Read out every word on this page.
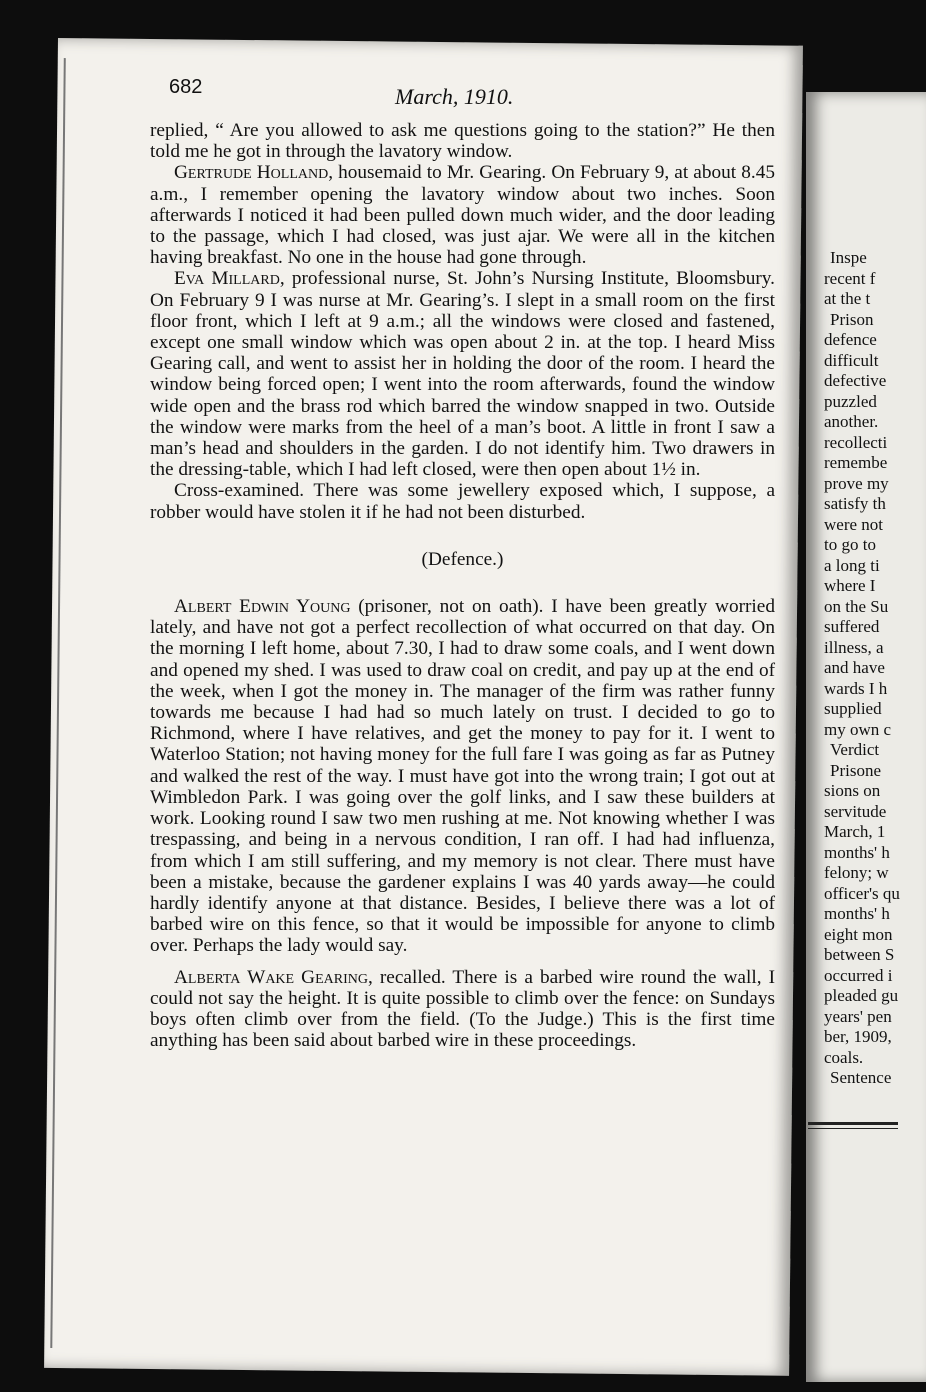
682	March, 1910.

replied, “ Are you allowed to ask me questions going to the station?” He then told me he got in through the lavatory window.

Gertrude Holland, housemaid to Mr. Gearing. On February 9, at about 8.45 a.m., I remember opening the lavatory window about two inches. Soon afterwards I noticed it had been pulled down much wider, and the door leading to the passage, which I had closed, was just ajar. We were all in the kitchen having breakfast. No one in the house had gone through.

Eva Millard, professional nurse, St. John’s Nursing Institute, Bloomsbury. On February 9 I was nurse at Mr. Gearing’s. I slept in a small room on the first floor front, which I left at 9 a.m.; all the windows were closed and fastened, except one small window which was open about 2 in. at the top. I heard Miss Gearing call, and went to assist her in holding the door of the room. I heard the window being forced open; I went into the room afterwards, found the window wide open and the brass rod which barred the window snapped in two. Outside the window were marks from the heel of a man’s boot. A little in front I saw a man’s head and shoulders in the garden. I do not identify him. Two drawers in the dressing-table, which I had left closed, were then open about 1½ in.

Cross-examined. There was some jewellery exposed which, I suppose, a robber would have stolen it if he had not been disturbed.

(Defence.)

Albert Edwin Young (prisoner, not on oath). I have been greatly worried lately, and have not got a perfect recollection of what occurred on that day. On the morning I left home, about 7.30, I had to draw some coals, and I went down and opened my shed. I was used to draw coal on credit, and pay up at the end of the week, when I got the money in. The manager of the firm was rather funny towards me because I had had so much lately on trust. I decided to go to Richmond, where I have relatives, and get the money to pay for it. I went to Waterloo Station; not having money for the full fare I was going as far as Putney and walked the rest of the way. I must have got into the wrong train; I got out at Wimbledon Park. I was going over the golf links, and I saw these builders at work. Looking round I saw two men rushing at me. Not knowing whether I was trespassing, and being in a nervous condition, I ran off. I had had influenza, from which I am still suffering, and my memory is not clear. There must have been a mistake, because the gardener explains I was 40 yards away—he could hardly identify anyone at that distance. Besides, I believe there was a lot of barbed wire on this fence, so that it would be impossible for anyone to climb over. Perhaps the lady would say.

Alberta Wake Gearing, recalled. There is a barbed wire round the wall, I could not say the height. It is quite possible to climb over the fence: on Sundays boys often climb over from the field. (To the Judge.) This is the first time anything has been said about barbed wire in these proceedings.

Inspe
recent f
at the t
Prison
defence
difficult
defective
puzzled
another.
recollecti
remembe
prove my
satisfy th
were not
to go to
a long ti
where I
on the Su
suffered
illness, a
and have
wards I h
supplied
my own c
Verdict
Prisone
sions on
servitude
March, 1
months' h
felony; w
officer's qu
months' h
eight mon
between S
occurred i
pleaded gu
years' pen
ber, 1909,
coals.
Sentence
